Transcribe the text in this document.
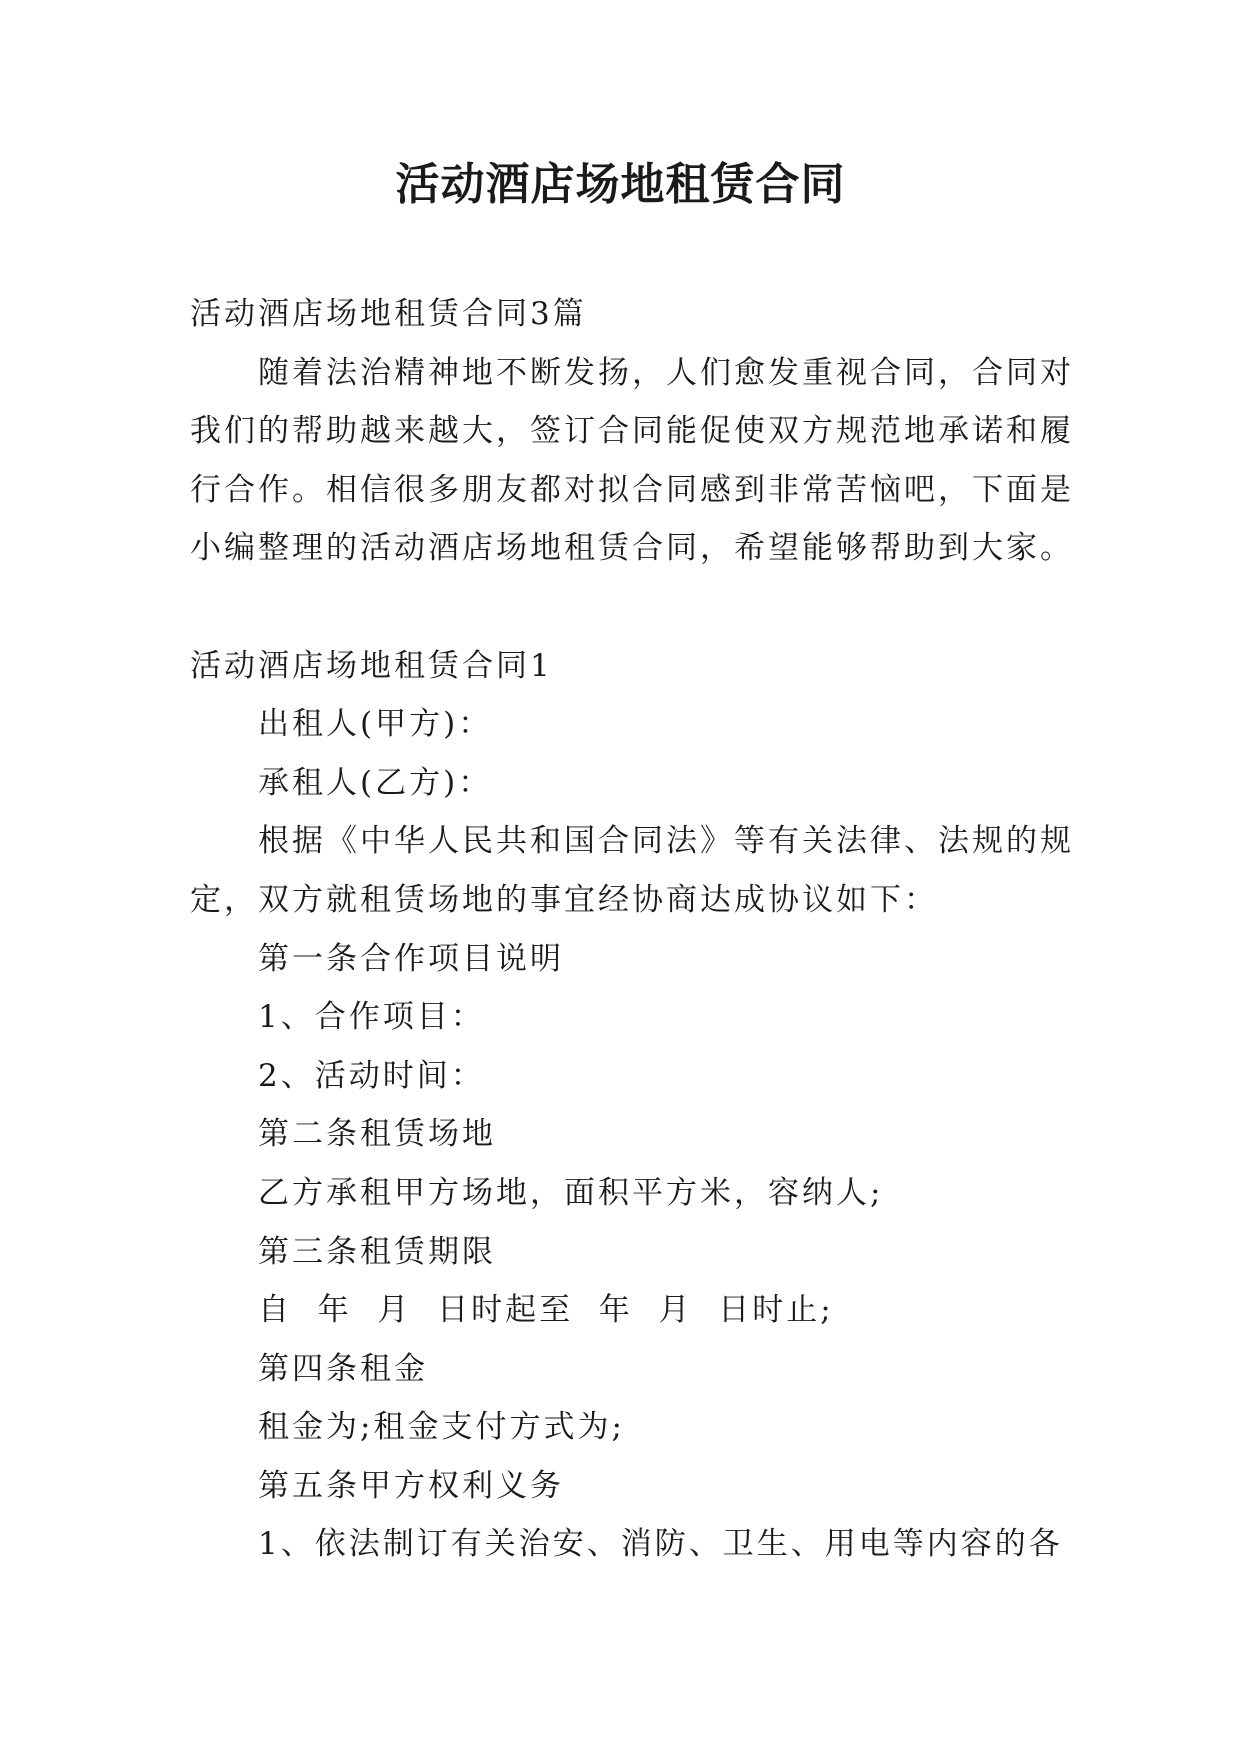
活动酒店场地租赁合同
活动酒店场地租赁合同3篇
随着法治精神地不断发扬，人们愈发重视合同，合同对
我们的帮助越来越大，签订合同能促使双方规范地承诺和履
行合作。相信很多朋友都对拟合同感到非常苦恼吧，下面是
小编整理的活动酒店场地租赁合同，希望能够帮助到大家。
活动酒店场地租赁合同1
出租人(甲方)：
承租人(乙方)：
根据《中华人民共和国合同法》等有关法律、法规的规
定，双方就租赁场地的事宜经协商达成协议如下：
第一条合作项目说明
1、合作项目：
2、活动时间：
第二条租赁场地
乙方承租甲方场地，面积平方米，容纳人;
第三条租赁期限
自  年  月  日时起至  年  月  日时止;
第四条租金
租金为;租金支付方式为;
第五条甲方权利义务
1、依法制订有关治安、消防、卫生、用电等内容的各
